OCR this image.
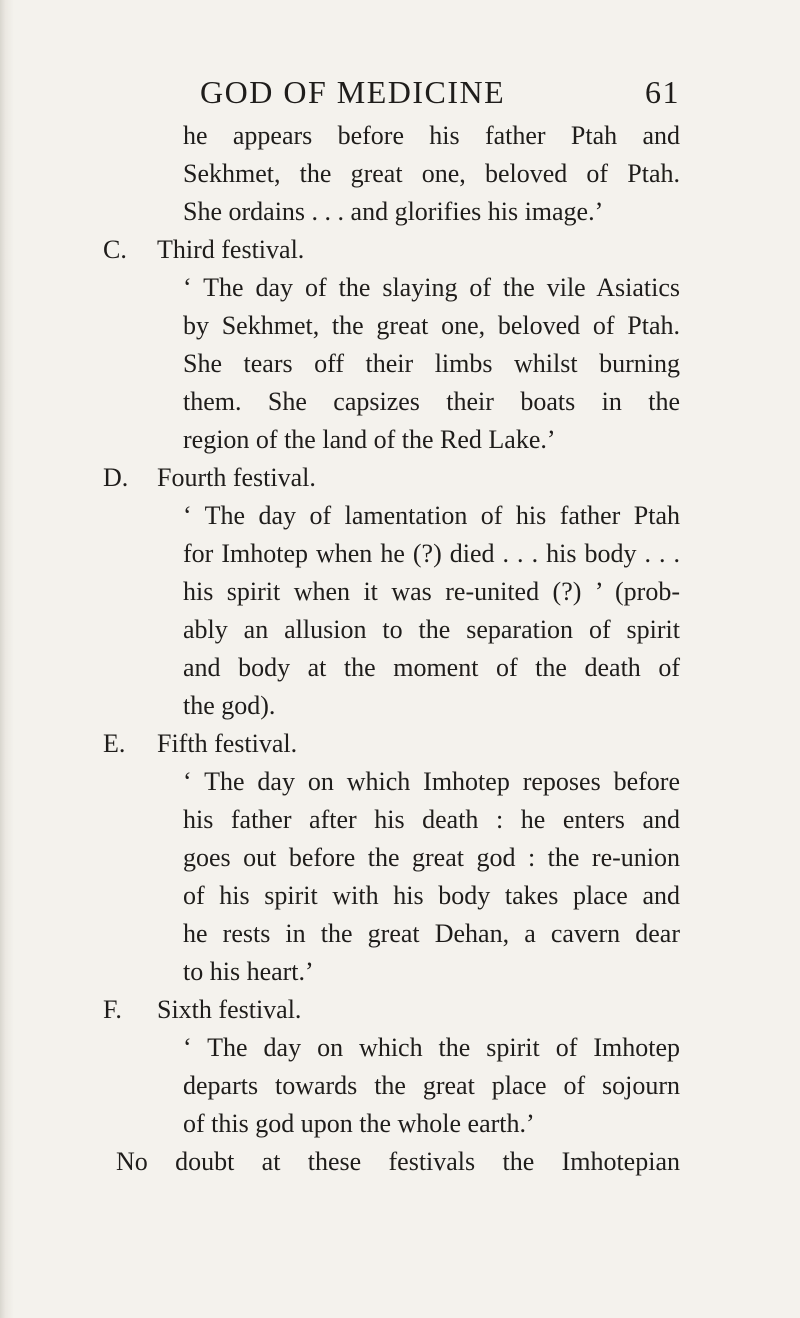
GOD OF MEDICINE	61
he appears before his father Ptah and
Sekhmet, the great one, beloved of Ptah.
She ordains . . . and glorifies his image.’
C. Third festival.
‘ The day of the slaying of the vile Asiatics
by Sekhmet, the great one, beloved of Ptah.
She tears off their limbs whilst burning
them. She capsizes their boats in the
region of the land of the Red Lake.’
D. Fourth festival.
‘ The day of lamentation of his father Ptah
for Imhotep when he (?) died . . . his body . . .
his spirit when it was re-united (?) ’ (prob-
ably an allusion to the separation of spirit
and body at the moment of the death of
the god).
E. Fifth festival.
‘ The day on which Imhotep reposes before
his father after his death : he enters and
goes out before the great god : the re-union
of his spirit with his body takes place and
he rests in the great Dehan, a cavern dear
to his heart.’
F. Sixth festival.
‘ The day on which the spirit of Imhotep
departs towards the great place of sojourn
of this god upon the whole earth.’
No doubt at these festivals the Imhotepian
